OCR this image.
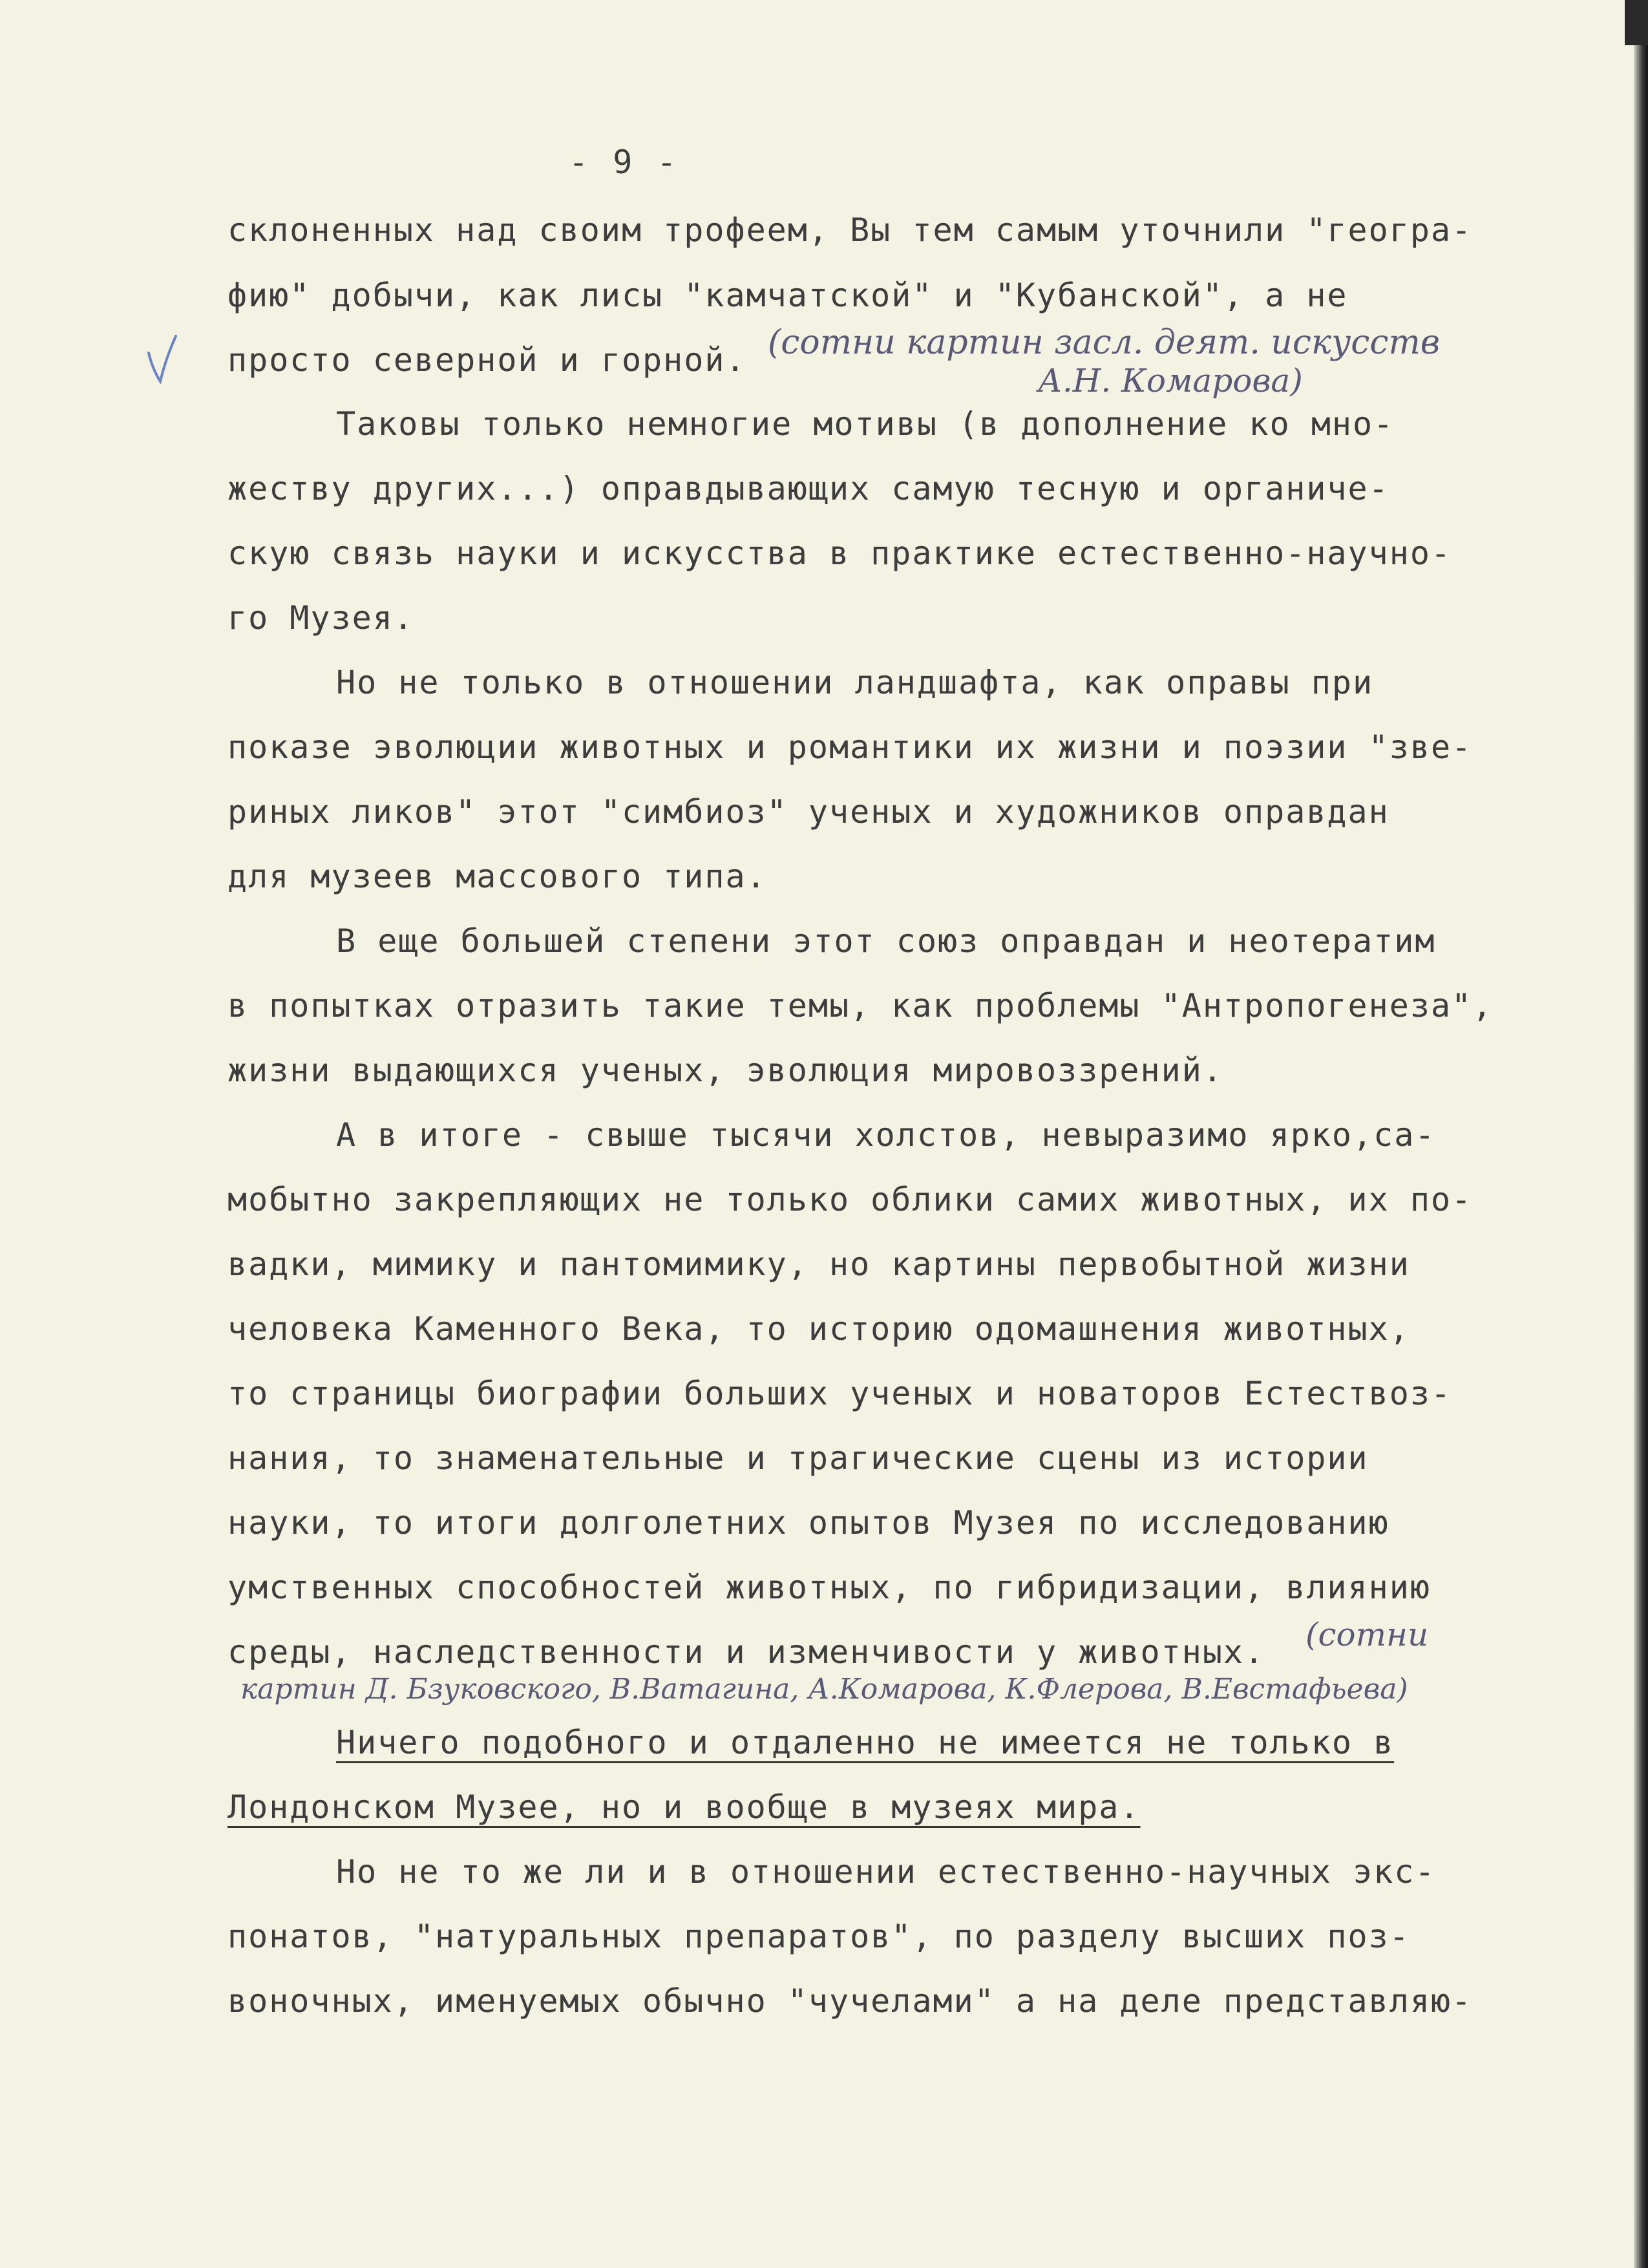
- 9 -
склоненных над своим трофеем, Вы тем самым уточнили "геогра-
фию" добычи, как лисы "камчатской" и "Кубанской", а не
просто северной и горной. (сотни картин засл. деят. искусств
А.Н. Комарова)
Таковы только немногие мотивы (в дополнение ко мно-
жеству других...) оправдывающих самую тесную и органиче-
скую связь науки и искусства в практике естественно-научно-
го Музея.
Но не только в отношении ландшафта, как оправы при
показе эволюции животных и романтики их жизни и поэзии "зве-
риных ликов" этот "симбиоз" ученых и художников оправдан
для музеев массового типа.
В еще большей степени этот союз оправдан и неотератим
в попытках отразить такие темы, как проблемы "Антропогенеза",
жизни выдающихся ученых, эволюция мировоззрений.
А в итоге - свыше тысячи холстов, невыразимо ярко,са-
мобытно закрепляющих не только облики самих животных, их по-
вадки, мимику и пантомимику, но картины первобытной жизни
человека Каменного Века, то историю одомашнения животных,
то страницы биографии больших ученых и новаторов Естествоз-
нания, то знаменательные и трагические сцены из истории
науки, то итоги долголетних опытов Музея по исследованию
умственных способностей животных, по гибридизации, влиянию
среды, наследственности и изменчивости у животных. (сотни
картин Д. Бзуковского, В.Ватагина, А.Комарова, К.Флерова, В.Евстафьева)
Ничего подобного и отдаленно не имеется не только в
Лондонском Музее, но и вообще в музеях мира.
Но не то же ли и в отношении естественно-научных экс-
понатов, "натуральных препаратов", по разделу высших поз-
воночных, именуемых обычно "чучелами" а на деле представляю-
